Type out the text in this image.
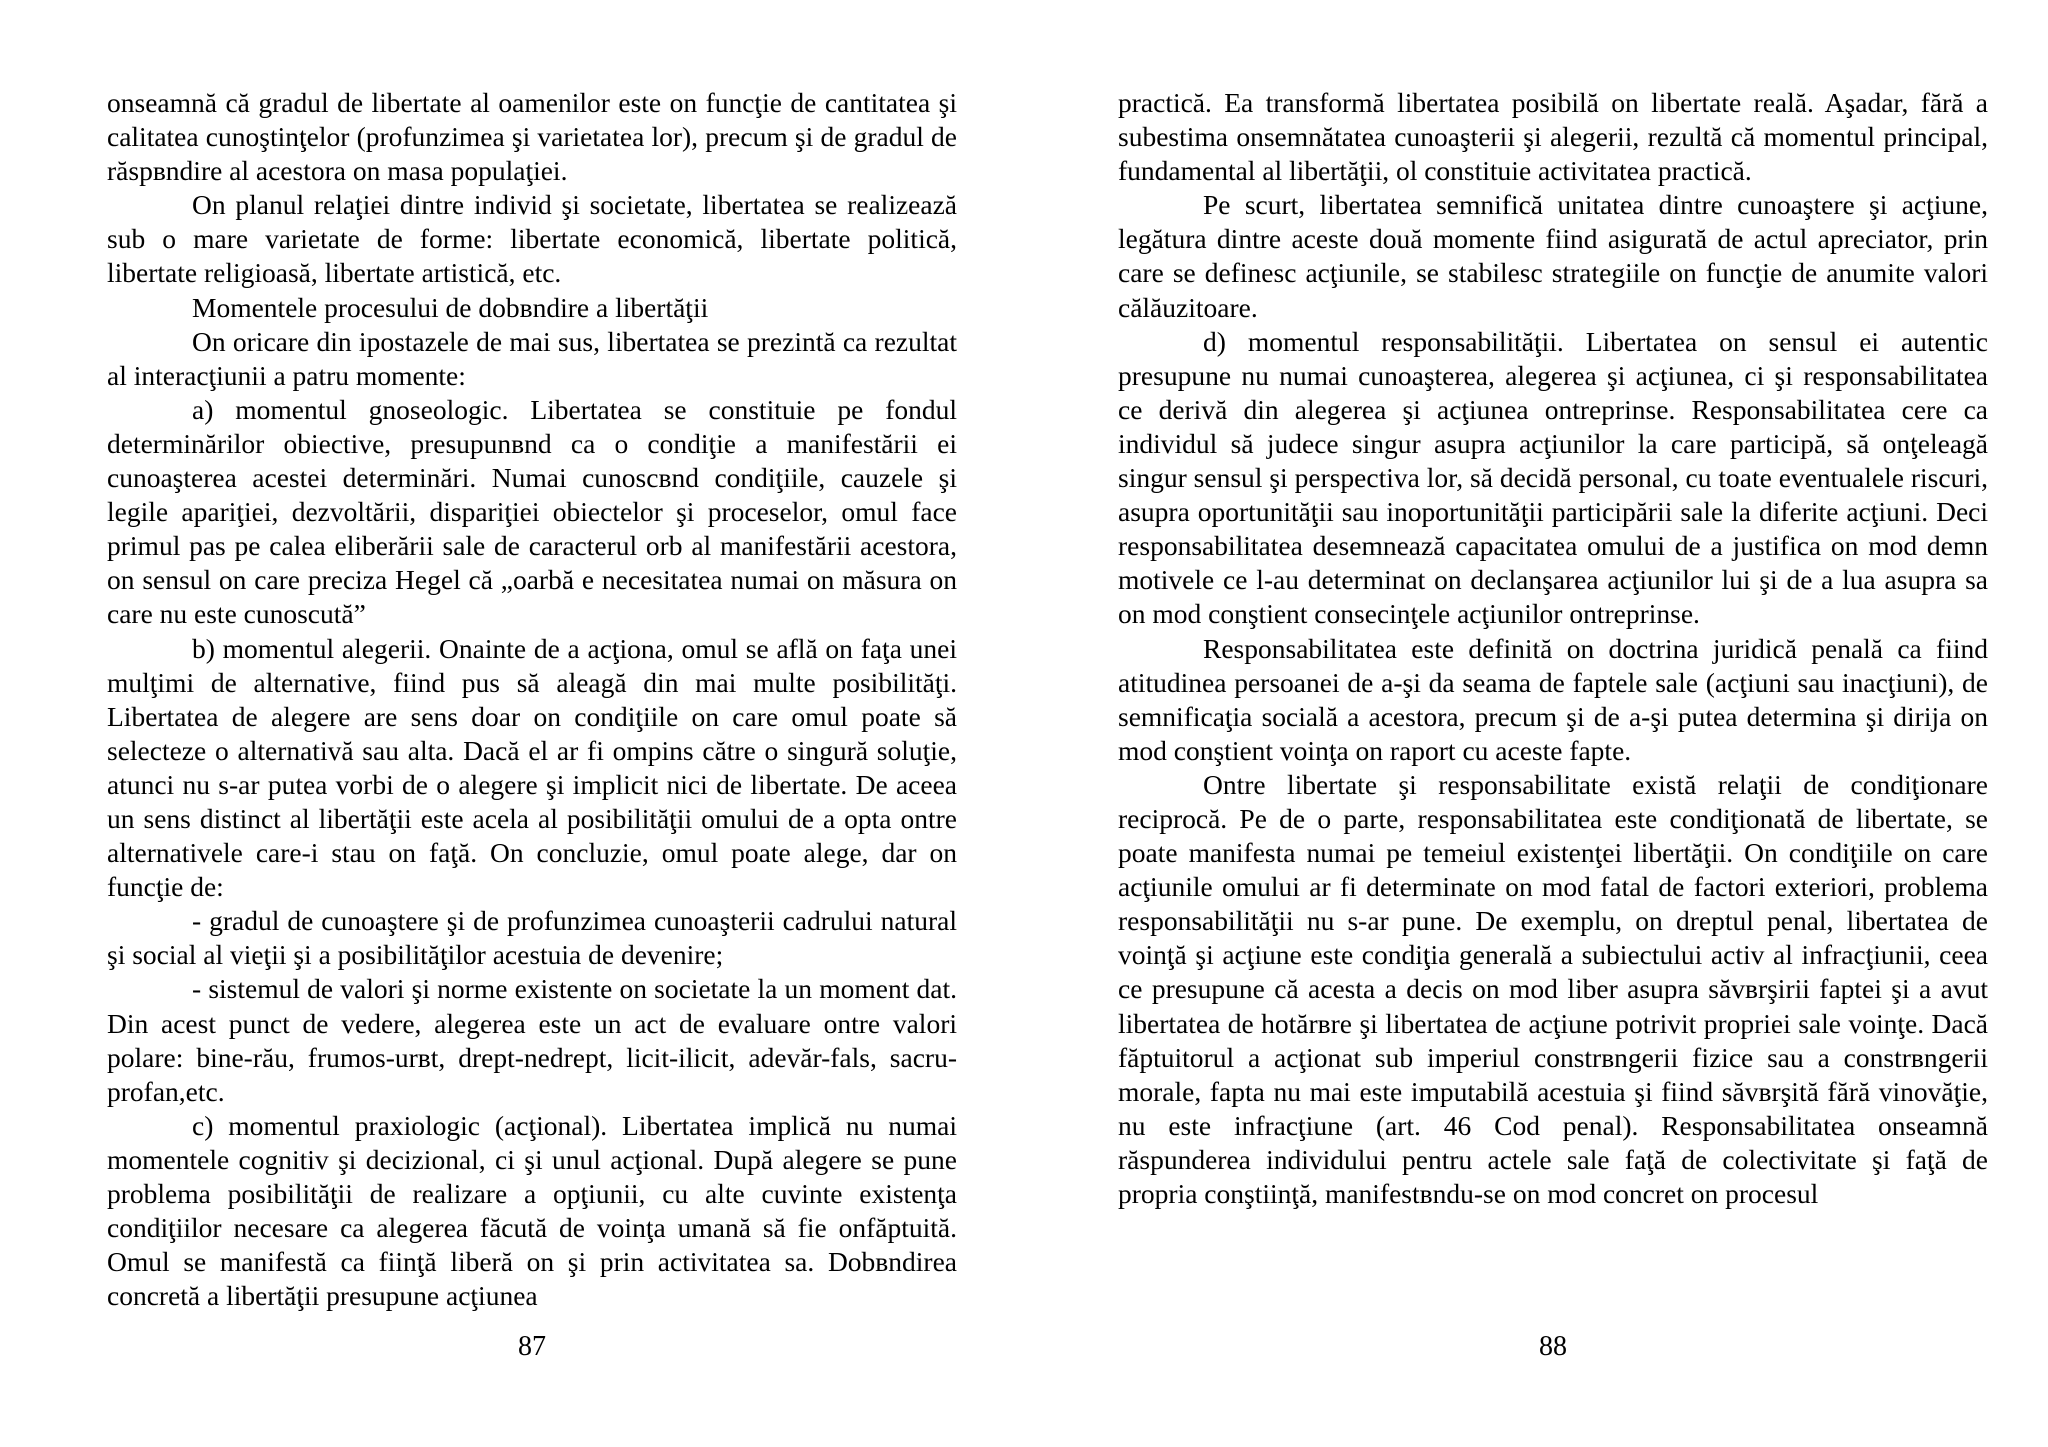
onseamnă că gradul de libertate al oamenilor este on funcţie de cantitatea şi calitatea cunoştinţelor (profunzimea şi varietatea lor), precum şi de gradul de răspвndire al acestora on masa populaţiei.

On planul relaţiei dintre individ şi societate, libertatea se realizează sub o mare varietate de forme: libertate economică, libertate politică, libertate religioasă, libertate artistică, etc.

Momentele procesului de dobвndire a libertăţii

On oricare din ipostazele de mai sus, libertatea se prezintă ca rezultat al interacţiunii a patru momente:

a) momentul gnoseologic. Libertatea se constituie pe fondul determinărilor obiective, presupunвnd ca o condiţie a manifestării ei cunoaşterea acestei determinări. Numai cunoscвnd condiţiile, cauzele şi legile apariţiei, dezvoltării, dispariţiei obiectelor şi proceselor, omul face primul pas pe calea eliberării sale de caracterul orb al manifestării acestora, on sensul on care preciza Hegel că „oarbă e necesitatea numai on măsura on care nu este cunoscută”

b) momentul alegerii. Onainte de a acţiona, omul se află on faţa unei mulţimi de alternative, fiind pus să aleagă din mai multe posibilităţi. Libertatea de alegere are sens doar on condiţiile on care omul poate să selecteze o alternativă sau alta. Dacă el ar fi ompins către o singură soluţie, atunci nu s-ar putea vorbi de o alegere şi implicit nici de libertate. De aceea un sens distinct al libertăţii este acela al posibilităţii omului de a opta ontre alternativele care-i stau on faţă. On concluzie, omul poate alege, dar on funcţie de:

- gradul de cunoaştere şi de profunzimea cunoaşterii cadrului natural şi social al vieţii şi a posibilităţilor acestuia de devenire;

- sistemul de valori şi norme existente on societate la un moment dat. Din acest punct de vedere, alegerea este un act de evaluare ontre valori polare: bine-rău, frumos-urвt, drept-nedrept, licit-ilicit, adevăr-fals, sacru-profan,etc.

c) momentul praxiologic (acţional). Libertatea implică nu numai momentele cognitiv şi decizional, ci şi unul acţional. După alegere se pune problema posibilităţii de realizare a opţiunii, cu alte cuvinte existenţa condiţiilor necesare ca alegerea făcută de voinţa umană să fie onfăptuită. Omul se manifestă ca fiinţă liberă on şi prin activitatea sa. Dobвndirea concretă a libertăţii presupune acţiunea

87

practică. Ea transformă libertatea posibilă on libertate reală. Aşadar, fără a subestima onsemnătatea cunoaşterii şi alegerii, rezultă că momentul principal, fundamental al libertăţii, ol constituie activitatea practică.

Pe scurt, libertatea semnifică unitatea dintre cunoaştere şi acţiune, legătura dintre aceste două momente fiind asigurată de actul apreciator, prin care se definesc acţiunile, se stabilesc strategiile on funcţie de anumite valori călăuzitoare.

d) momentul responsabilităţii. Libertatea on sensul ei autentic presupune nu numai cunoaşterea, alegerea şi acţiunea, ci şi responsabilitatea ce derivă din alegerea şi acţiunea ontreprinse. Responsabilitatea cere ca individul să judece singur asupra acţiunilor la care participă, să onţeleagă singur sensul şi perspectiva lor, să decidă personal, cu toate eventualele riscuri, asupra oportunităţii sau inoportunităţii participării sale la diferite acţiuni. Deci responsabilitatea desemnează capacitatea omului de a justifica on mod demn motivele ce l-au determinat on declanşarea acţiunilor lui şi de a lua asupra sa on mod conştient consecinţele acţiunilor ontreprinse.

Responsabilitatea este definită on doctrina juridică penală ca fiind atitudinea persoanei de a-şi da seama de faptele sale (acţiuni sau inacţiuni), de semnificaţia socială a acestora, precum şi de a-şi putea determina şi dirija on mod conştient voinţa on raport cu aceste fapte.

Ontre libertate şi responsabilitate există relaţii de condiţionare reciprocă. Pe de o parte, responsabilitatea este condiţionată de libertate, se poate manifesta numai pe temeiul existenţei libertăţii. On condiţiile on care acţiunile omului ar fi determinate on mod fatal de factori exteriori, problema responsabilităţii nu s-ar pune. De exemplu, on dreptul penal, libertatea de voinţă şi acţiune este condiţia generală a subiectului activ al infracţiunii, ceea ce presupune că acesta a decis on mod liber asupra săvвrşirii faptei şi a avut libertatea de hotărвre şi libertatea de acţiune potrivit propriei sale voinţe. Dacă făptuitorul a acţionat sub imperiul constrвngerii fizice sau a constrвngerii morale, fapta nu mai este imputabilă acestuia şi fiind săvвrşită fără vinovăţie, nu este infracţiune (art. 46 Cod penal). Responsabilitatea onseamnă răspunderea individului pentru actele sale faţă de colectivitate şi faţă de propria conştiinţă, manifestвndu-se on mod concret on procesul

88
